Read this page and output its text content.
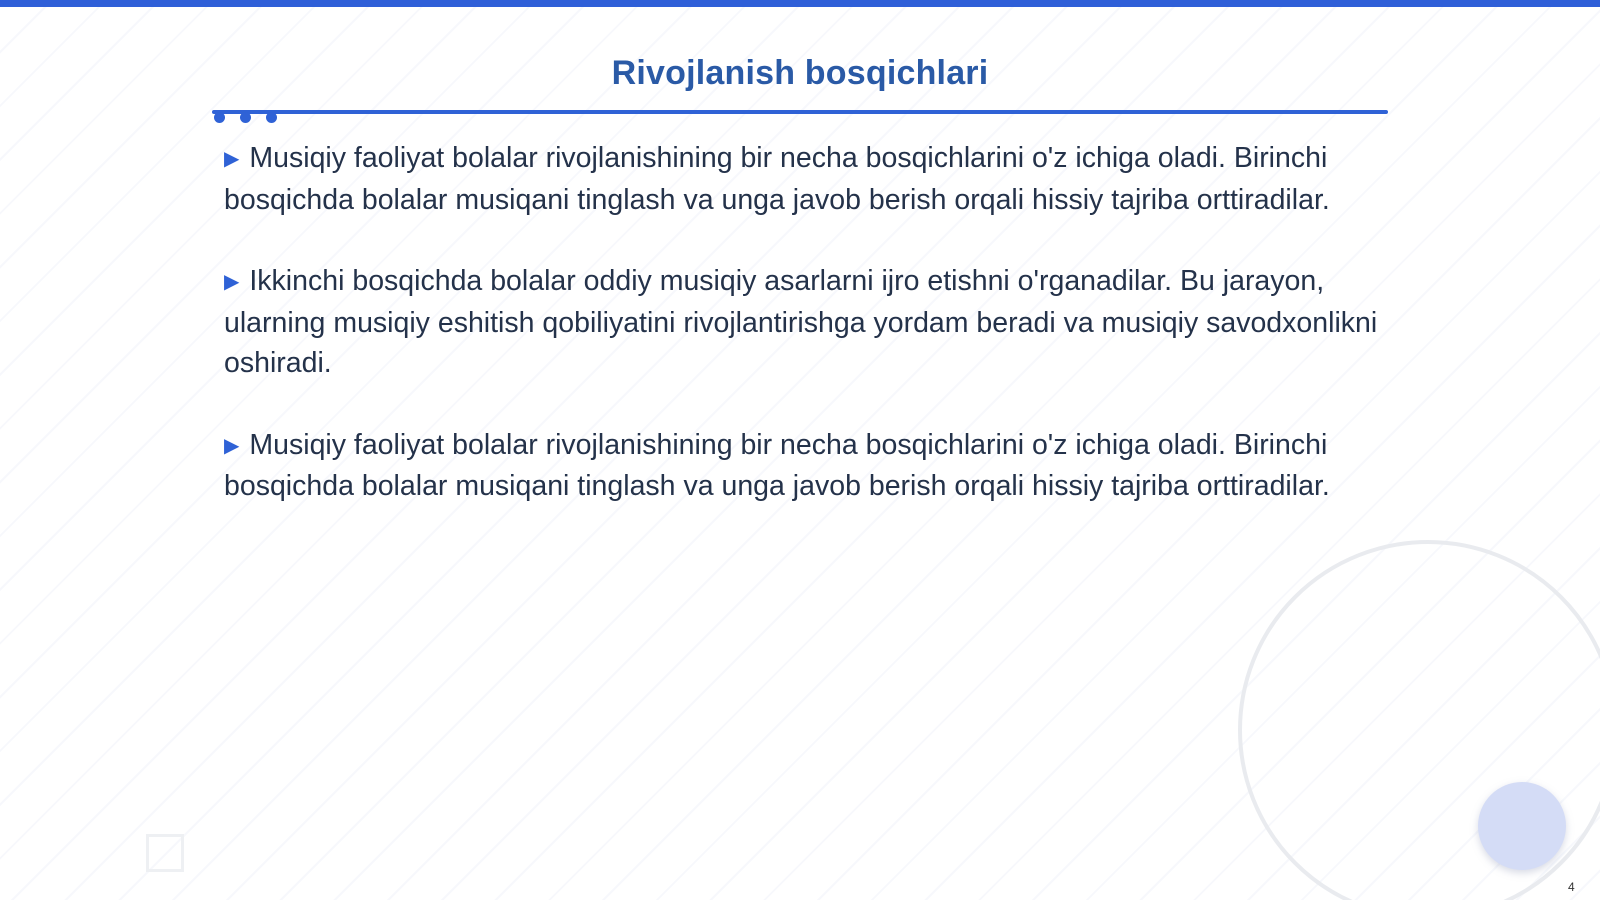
Rivojlanish bosqichlari

▶ Musiqiy faoliyat bolalar rivojlanishining bir necha bosqichlarini o'z ichiga oladi. Birinchi bosqichda bolalar musiqani tinglash va unga javob berish orqali hissiy tajriba orttiradilar.

▶ Ikkinchi bosqichda bolalar oddiy musiqiy asarlarni ijro etishni o'rganadilar. Bu jarayon, ularning musiqiy eshitish qobiliyatini rivojlantirishga yordam beradi va musiqiy savodxonlikni oshiradi.

▶ Musiqiy faoliyat bolalar rivojlanishining bir necha bosqichlarini o'z ichiga oladi. Birinchi bosqichda bolalar musiqani tinglash va unga javob berish orqali hissiy tajriba orttiradilar.

4
